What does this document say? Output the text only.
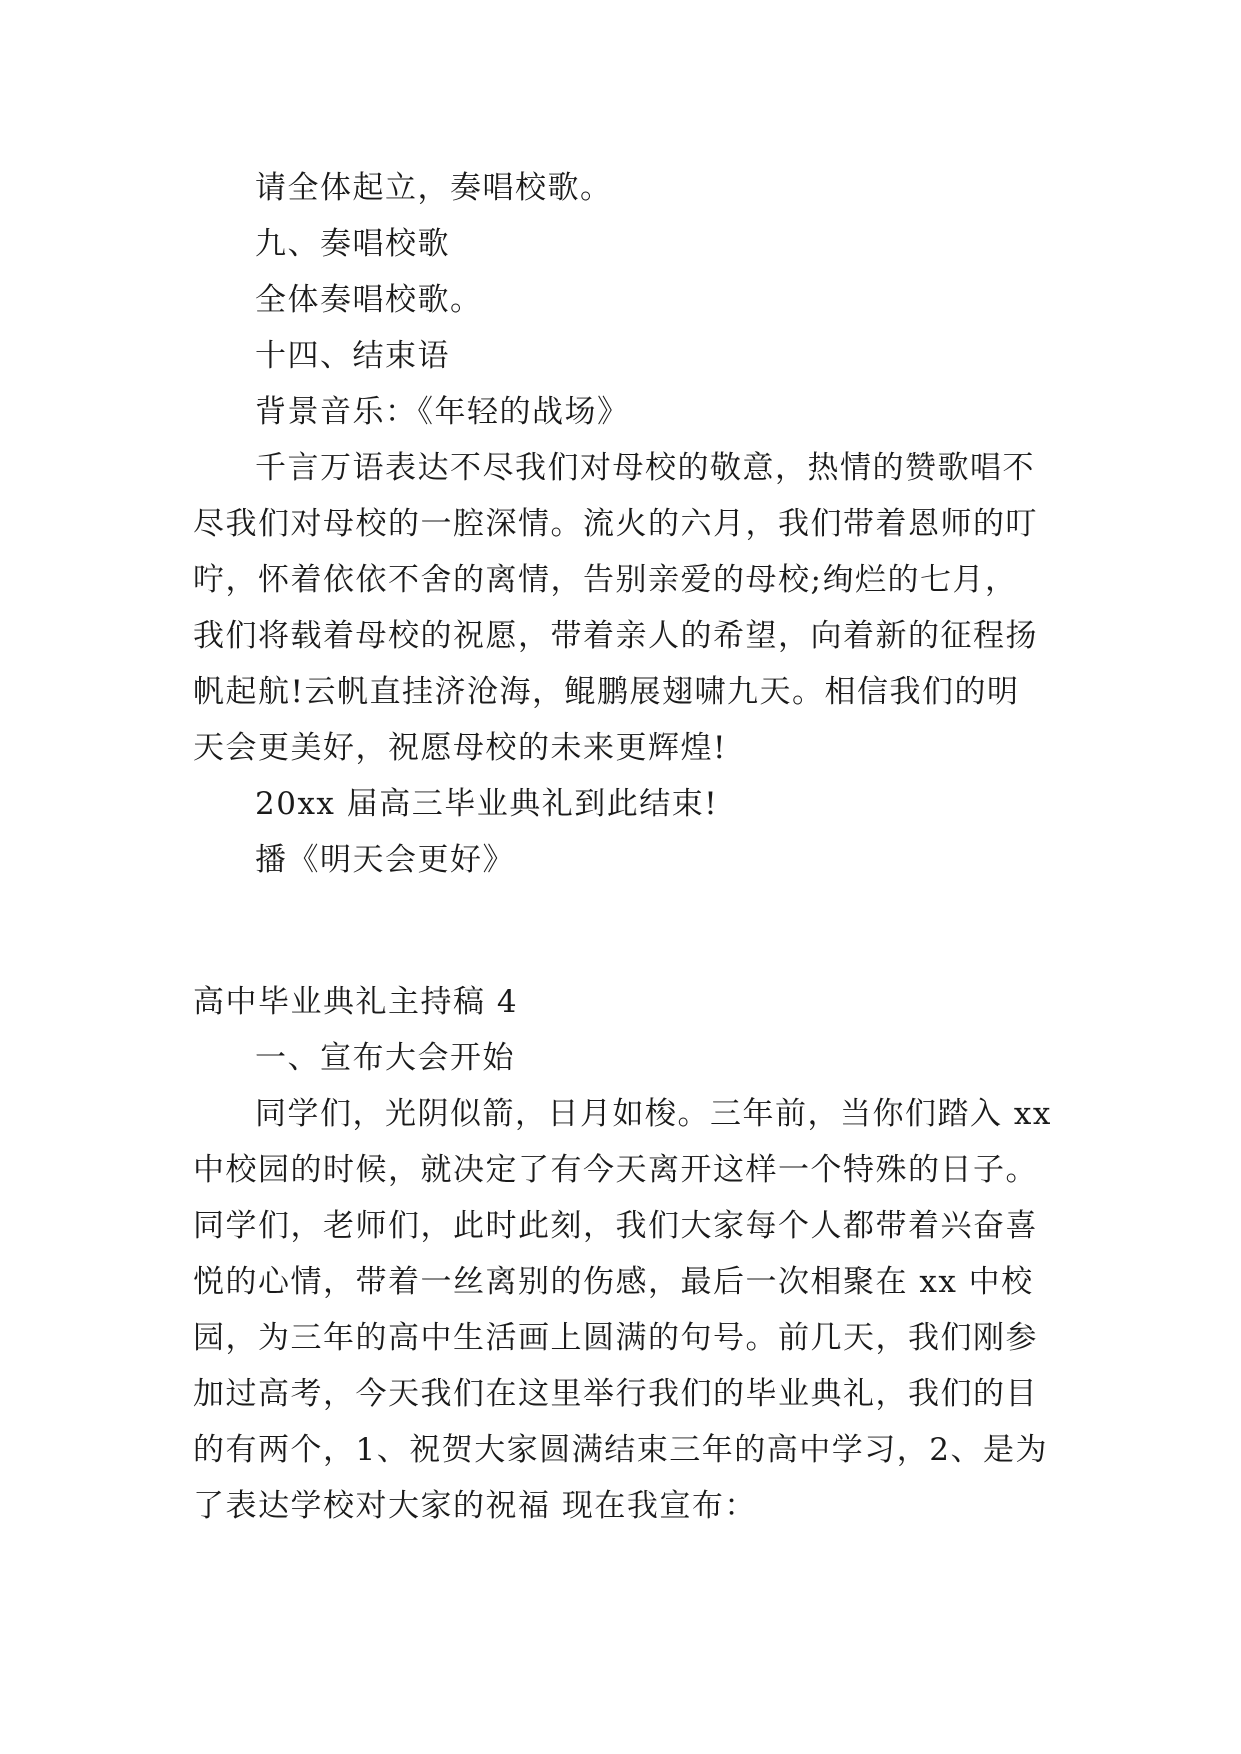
请全体起立，奏唱校歌。

九、奏唱校歌

全体奏唱校歌。

十四、结束语

背景音乐：《年轻的战场》

千言万语表达不尽我们对母校的敬意，热情的赞歌唱不

尽我们对母校的一腔深情。流火的六月，我们带着恩师的叮

咛，怀着依依不舍的离情，告别亲爱的母校;绚烂的七月，

我们将载着母校的祝愿，带着亲人的希望，向着新的征程扬

帆起航!云帆直挂济沧海，鲲鹏展翅啸九天。相信我们的明

天会更美好，祝愿母校的未来更辉煌!

20xx 届高三毕业典礼到此结束!

播《明天会更好》

高中毕业典礼主持稿 4

一、宣布大会开始

同学们，光阴似箭，日月如梭。三年前，当你们踏入 xx

中校园的时候，就决定了有今天离开这样一个特殊的日子。

同学们，老师们，此时此刻，我们大家每个人都带着兴奋喜

悦的心情，带着一丝离别的伤感，最后一次相聚在 xx 中校

园，为三年的高中生活画上圆满的句号。前几天，我们刚参

加过高考，今天我们在这里举行我们的毕业典礼，我们的目

的有两个，1、祝贺大家圆满结束三年的高中学习，2、是为

了表达学校对大家的祝福 现在我宣布：
